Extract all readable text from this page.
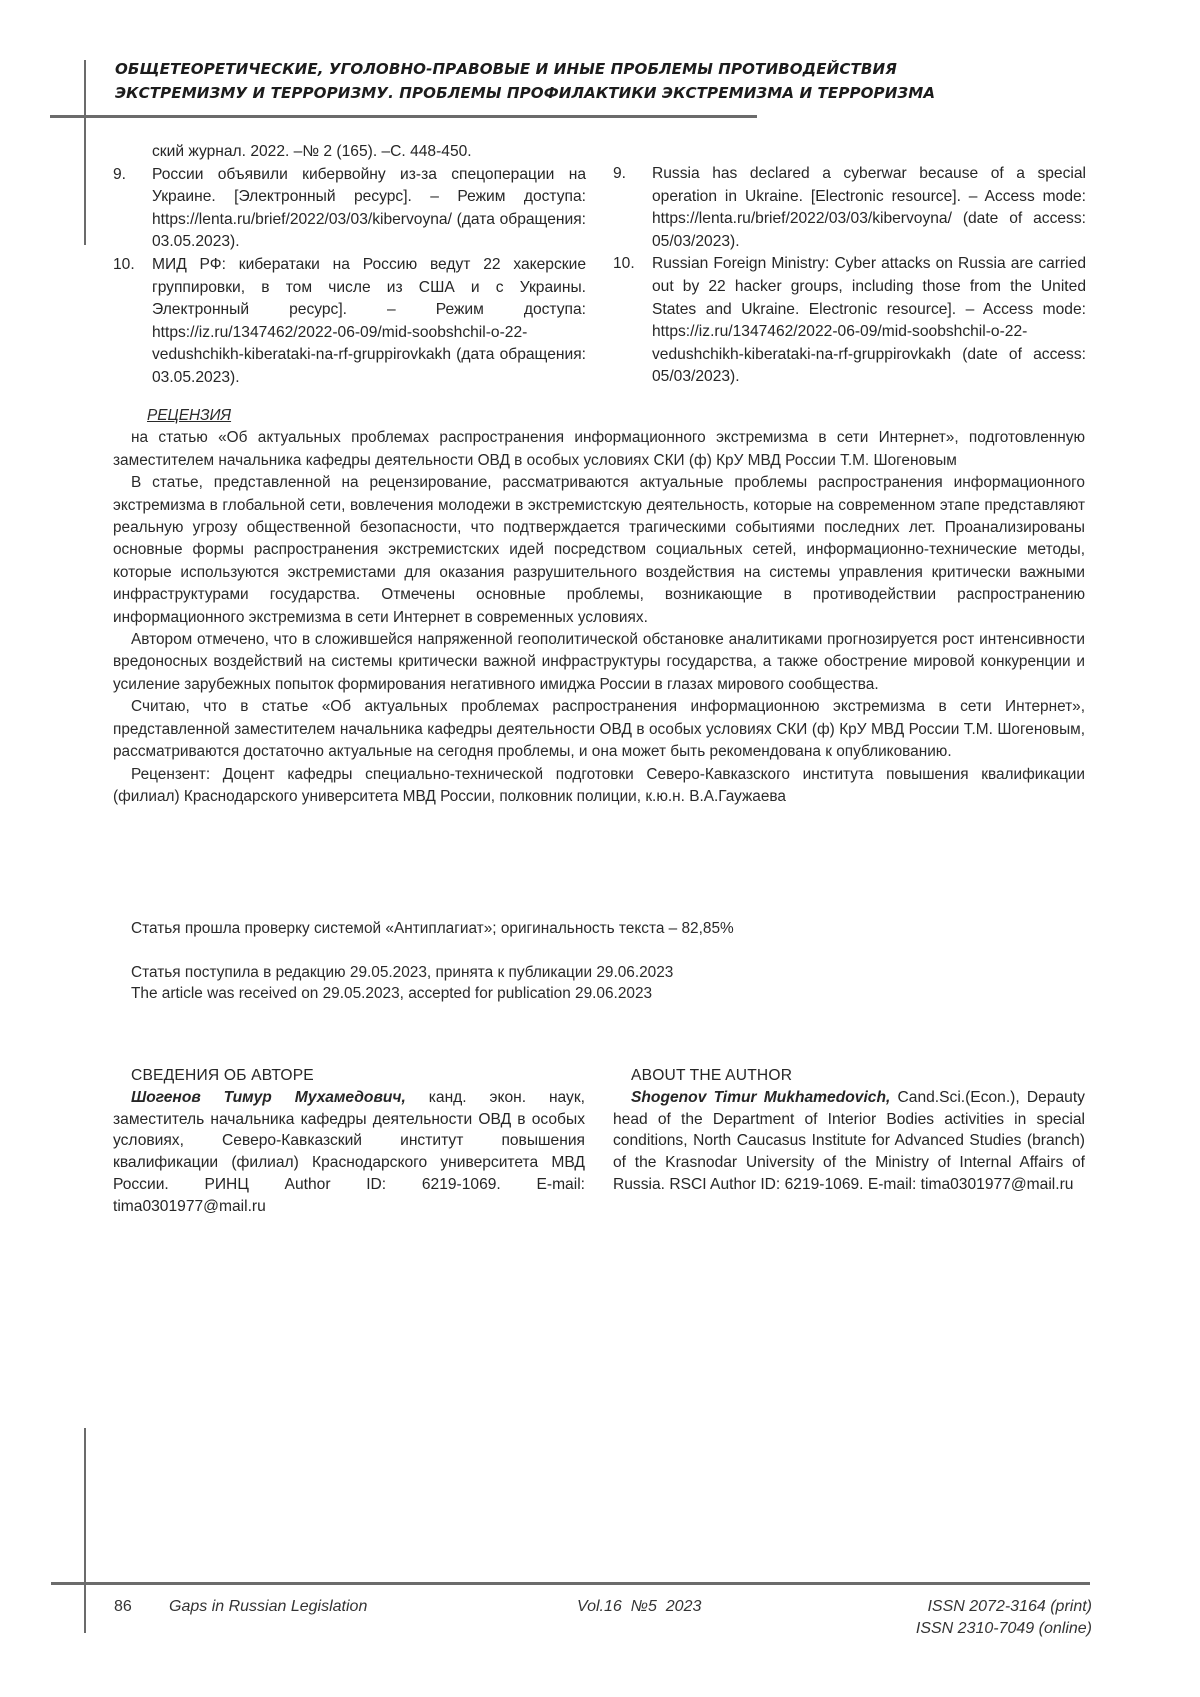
ОБЩЕТЕОРЕТИЧЕСКИЕ, УГОЛОВНО-ПРАВОВЫЕ И ИНЫЕ ПРОБЛЕМЫ ПРОТИВОДЕЙСТВИЯ
ЭКСТРЕМИЗМУ И ТЕРРОРИЗМУ. ПРОБЛЕМЫ ПРОФИЛАКТИКИ ЭКСТРЕМИЗМА И ТЕРРОРИЗМА

ский журнал. 2022. –№ 2 (165). –С. 448-450.

9.	России объявили кибервойну из-за спецоперации на Украине. [Электронный ресурс]. – Режим доступа: https://lenta.ru/brief/2022/03/03/kibervoyna/ (дата обращения: 03.05.2023).
10.	МИД РФ: кибератаки на Россию ведут 22 хакерские группировки, в том числе из США и с Украины. Электронный ресурс]. – Режим доступа: https://iz.ru/1347462/2022-06-09/mid-soobshchil-o-22-vedushchikh-kiberataki-na-rf-gruppirovkakh (дата обращения: 03.05.2023).
9.	Russia has declared a cyberwar because of a special operation in Ukraine. [Electronic resource]. – Access mode: https://lenta.ru/brief/2022/03/03/kibervoyna/ (date of access: 05/03/2023).
10.	Russian Foreign Ministry: Cyber attacks on Russia are carried out by 22 hacker groups, including those from the United States and Ukraine. Electronic resource]. – Access mode: https://iz.ru/1347462/2022-06-09/mid-soobshchil-o-22-vedushchikh-kiberataki-na-rf-gruppirovkakh (date of access: 05/03/2023).

РЕЦЕНЗИЯ

на статью «Об актуальных проблемах распространения информационного экстремизма в сети Интернет», подготовленную заместителем начальника кафедры деятельности ОВД в особых условиях СКИ (ф) КрУ МВД России Т.М. Шогеновым

В статье, представленной на рецензирование, рассматриваются актуальные проблемы распространения информационного экстремизма в глобальной сети, вовлечения молодежи в экстремистскую деятельность, которые на современном этапе представляют реальную угрозу общественной безопасности, что подтверждается трагическими событиями последних лет. Проанализированы основные формы распространения экстремистских идей посредством социальных сетей, информационно-технические методы, которые используются экстремистами для оказания разрушительного воздействия на системы управления критически важными инфраструктурами государства. Отмечены основные проблемы, возникающие в противодействии распространению информационного экстремизма в сети Интернет в современных условиях.

Автором отмечено, что в сложившейся напряженной геополитической обстановке аналитиками прогнозируется рост интенсивности вредоносных воздействий на системы критически важной инфраструктуры государства, а также обострение мировой конкуренции и усиление зарубежных попыток формирования негативного имиджа России в глазах мирового сообщества.

Считаю, что в статье «Об актуальных проблемах распространения информационною экстремизма в сети Интернет», представленной заместителем начальника кафедры деятельности ОВД в особых условиях СКИ (ф) КрУ МВД России Т.М. Шогеновым, рассматриваются достаточно актуальные на сегодня проблемы, и она может быть рекомендована к опубликованию.

Рецензент: Доцент кафедры специально-технической подготовки Северо-Кавказского института повышения квалификации (филиал) Краснодарского университета МВД России, полковник полиции, к.ю.н. В.А.Гаужаева

Статья прошла проверку системой «Антиплагиат»; оригинальность текста – 82,85%
Статья поступила в редакцию 29.05.2023, принята к публикации 29.06.2023
The article was received on 29.05.2023, accepted for publication 29.06.2023

СВЕДЕНИЯ ОБ АВТОРЕ

Шогенов Тимур Мухамедович, канд. экон. наук, заместитель начальника кафедры деятельности ОВД в особых условиях, Северо-Кавказский институт повышения квалификации (филиал) Краснодарского университета МВД России. РИНЦ Author ID: 6219-1069. E-mail: tima0301977@mail.ru

ABOUT THE AUTHOR

Shogenov Timur Mukhamedovich, Cand.Sci.(Econ.), Depauty head of the Department of Interior Bodies activities in special conditions, North Caucasus Institute for Advanced Studies (branch) of the Krasnodar University of the Ministry of Internal Affairs of Russia. RSCI Author ID: 6219-1069. E-mail: tima0301977@mail.ru

86 Gaps in Russian Legislation	Vol.16  №5  2023	ISSN 2072-3164 (print)
ISSN 2310-7049 (online)
